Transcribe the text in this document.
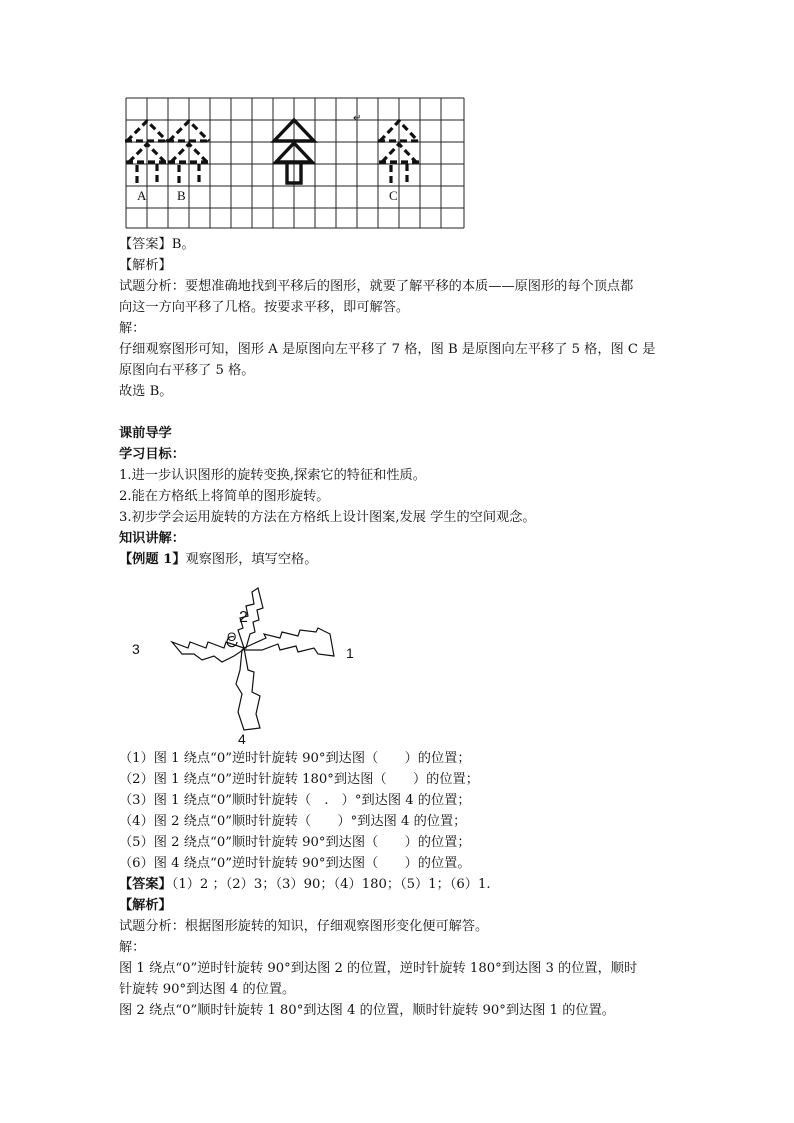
A B	C
↵
【答案】B。
【解析】
试题分析：要想准确地找到平移后的图形，就要了解平移的本质——原图形的每个顶点都
向这一方向平移了几格。按要求平移，即可解答。
解：
仔细观察图形可知，图形 A 是原图向左平移了 7 格，图 B 是原图向左平移了 5 格，图 C 是
原图向右平移了 5 格。
故选 B。
课前导学
学习目标：
1.进一步认识图形的旋转变换,探索它的特征和性质。
2.能在方格纸上将简单的图形旋转。
3.初步学会运用旋转的方法在方格纸上设计图案,发展 学生的空间观念。
知识讲解：
【例题 1】观察图形，填写空格。
1
2
3
4
O
（1）图 1 绕点“0”逆时针旋转 90°到达图（　　）的位置；
（2）图 1 绕点“0”逆时针旋转 180°到达图（　　）的位置；
（3）图 1 绕点“0”顺时针旋转（　.　）°到达图 4 的位置；
（4）图 2 绕点“0”顺时针旋转（　　）°到达图 4 的位置；
（5）图 2 绕点“0”顺时针旋转 90°到达图（　　）的位置；
（6）图 4 绕点“0”逆时针旋转 90°到达图（　　）的位置。
【答案】（1）2 ；（2）3；（3）90；（4）180；（5）1；（6）1.
【解析】
试题分析：根据图形旋转的知识，仔细观察图形变化便可解答。
解：
图 1 绕点“0”逆时针旋转 90°到达图 2 的位置，逆时针旋转 180°到达图 3 的位置，顺时
针旋转 90°到达图 4 的位置。
图 2 绕点“0”顺时针旋转 1 80°到达图 4 的位置，顺时针旋转 90°到达图 1 的位置。
